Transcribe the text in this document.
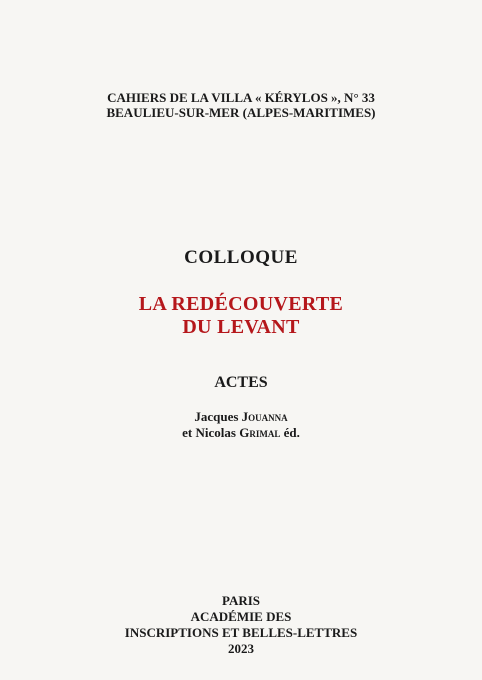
CAHIERS DE LA VILLA « KÉRYLOS », N° 33
BEAULIEU-SUR-MER (ALPES-MARITIMES)
COLLOQUE
LA REDÉCOUVERTE
DU LEVANT
ACTES
Jacques Jouanna
et Nicolas Grimal éd.
PARIS
ACADÉMIE DES
INSCRIPTIONS ET BELLES-LETTRES
2023
